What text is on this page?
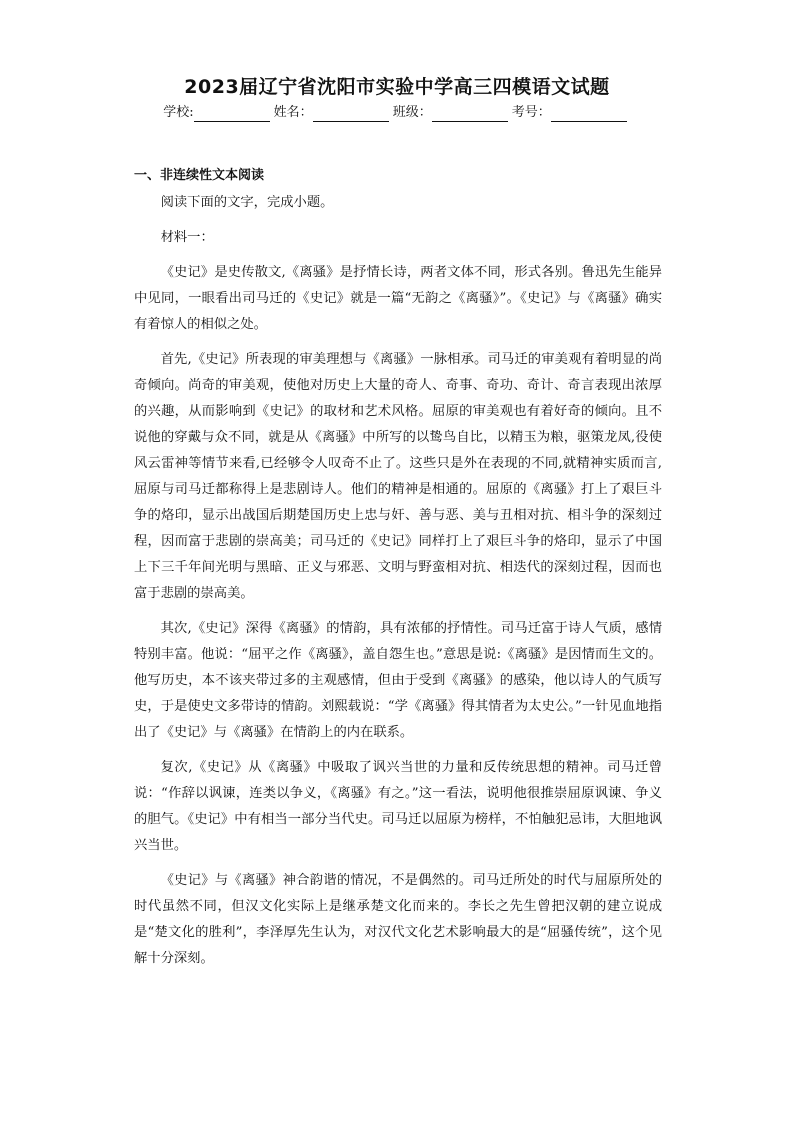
2023届辽宁省沈阳市实验中学高三四模语文试题
学校:	姓名：	班级：	考号：
一、非连续性文本阅读

阅读下面的文字，完成小题。

材料一：

《史记》是史传散文,《离骚》是抒情长诗，两者文体不同，形式各别。鲁迅先生能异中见同，一眼看出司马迁的《史记》就是一篇“无韵之《离骚》”。《史记》与《离骚》确实有着惊人的相似之处。

首先,《史记》所表现的审美理想与《离骚》一脉相承。司马迁的审美观有着明显的尚奇倾向。尚奇的审美观，使他对历史上大量的奇人、奇事、奇功、奇计、奇言表现出浓厚的兴趣，从而影响到《史记》的取材和艺术风格。屈原的审美观也有着好奇的倾向。且不说他的穿戴与众不同，就是从《离骚》中所写的以鸷鸟自比，以精玉为粮，驱策龙凤,役使风云雷神等情节来看,已经够令人叹奇不止了。这些只是外在表现的不同,就精神实质而言,屈原与司马迁都称得上是悲剧诗人。他们的精神是相通的。屈原的《离骚》打上了艰巨斗争的烙印，显示出战国后期楚国历史上忠与奸、善与恶、美与丑相对抗、相斗争的深刻过程，因而富于悲剧的崇高美；司马迁的《史记》同样打上了艰巨斗争的烙印，显示了中国上下三千年间光明与黑暗、正义与邪恶、文明与野蛮相对抗、相迭代的深刻过程，因而也富于悲剧的崇高美。

其次,《史记》深得《离骚》的情韵，具有浓郁的抒情性。司马迁富于诗人气质，感情特别丰富。他说：“屈平之作《离骚》，盖自怨生也。”意思是说:《离骚》是因情而生文的。他写历史，本不该夹带过多的主观感情，但由于受到《离骚》的感染，他以诗人的气质写史，于是使史文多带诗的情韵。刘熙载说：“学《离骚》得其情者为太史公。”一针见血地指出了《史记》与《离骚》在情韵上的内在联系。

复次,《史记》从《离骚》中吸取了讽兴当世的力量和反传统思想的精神。司马迁曾说：“作辞以讽谏，连类以争义，《离骚》有之。”这一看法，说明他很推崇屈原讽谏、争义的胆气。《史记》中有相当一部分当代史。司马迁以屈原为榜样，不怕触犯忌讳，大胆地讽兴当世。

《史记》与《离骚》神合韵谐的情况，不是偶然的。司马迁所处的时代与屈原所处的时代虽然不同，但汉文化实际上是继承楚文化而来的。李长之先生曾把汉朝的建立说成是“楚文化的胜利”，李泽厚先生认为，对汉代文化艺术影响最大的是“屈骚传统”，这个见解十分深刻。
